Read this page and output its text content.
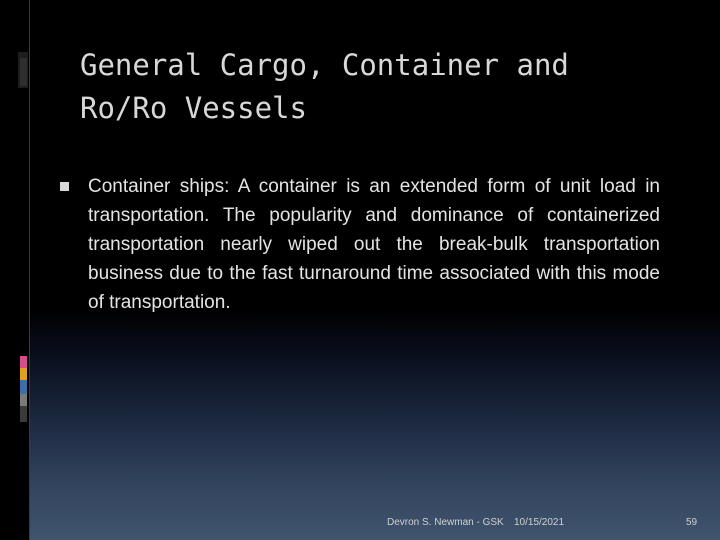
General Cargo, Container and
Ro/Ro Vessels
Container ships: A container is an extended form of unit load in transportation. The popularity and dominance of containerized transportation nearly wiped out the break-bulk transportation business due to the fast turnaround time associated with this mode of transportation.
Devron S. Newman - GSK 10/15/2021	59
